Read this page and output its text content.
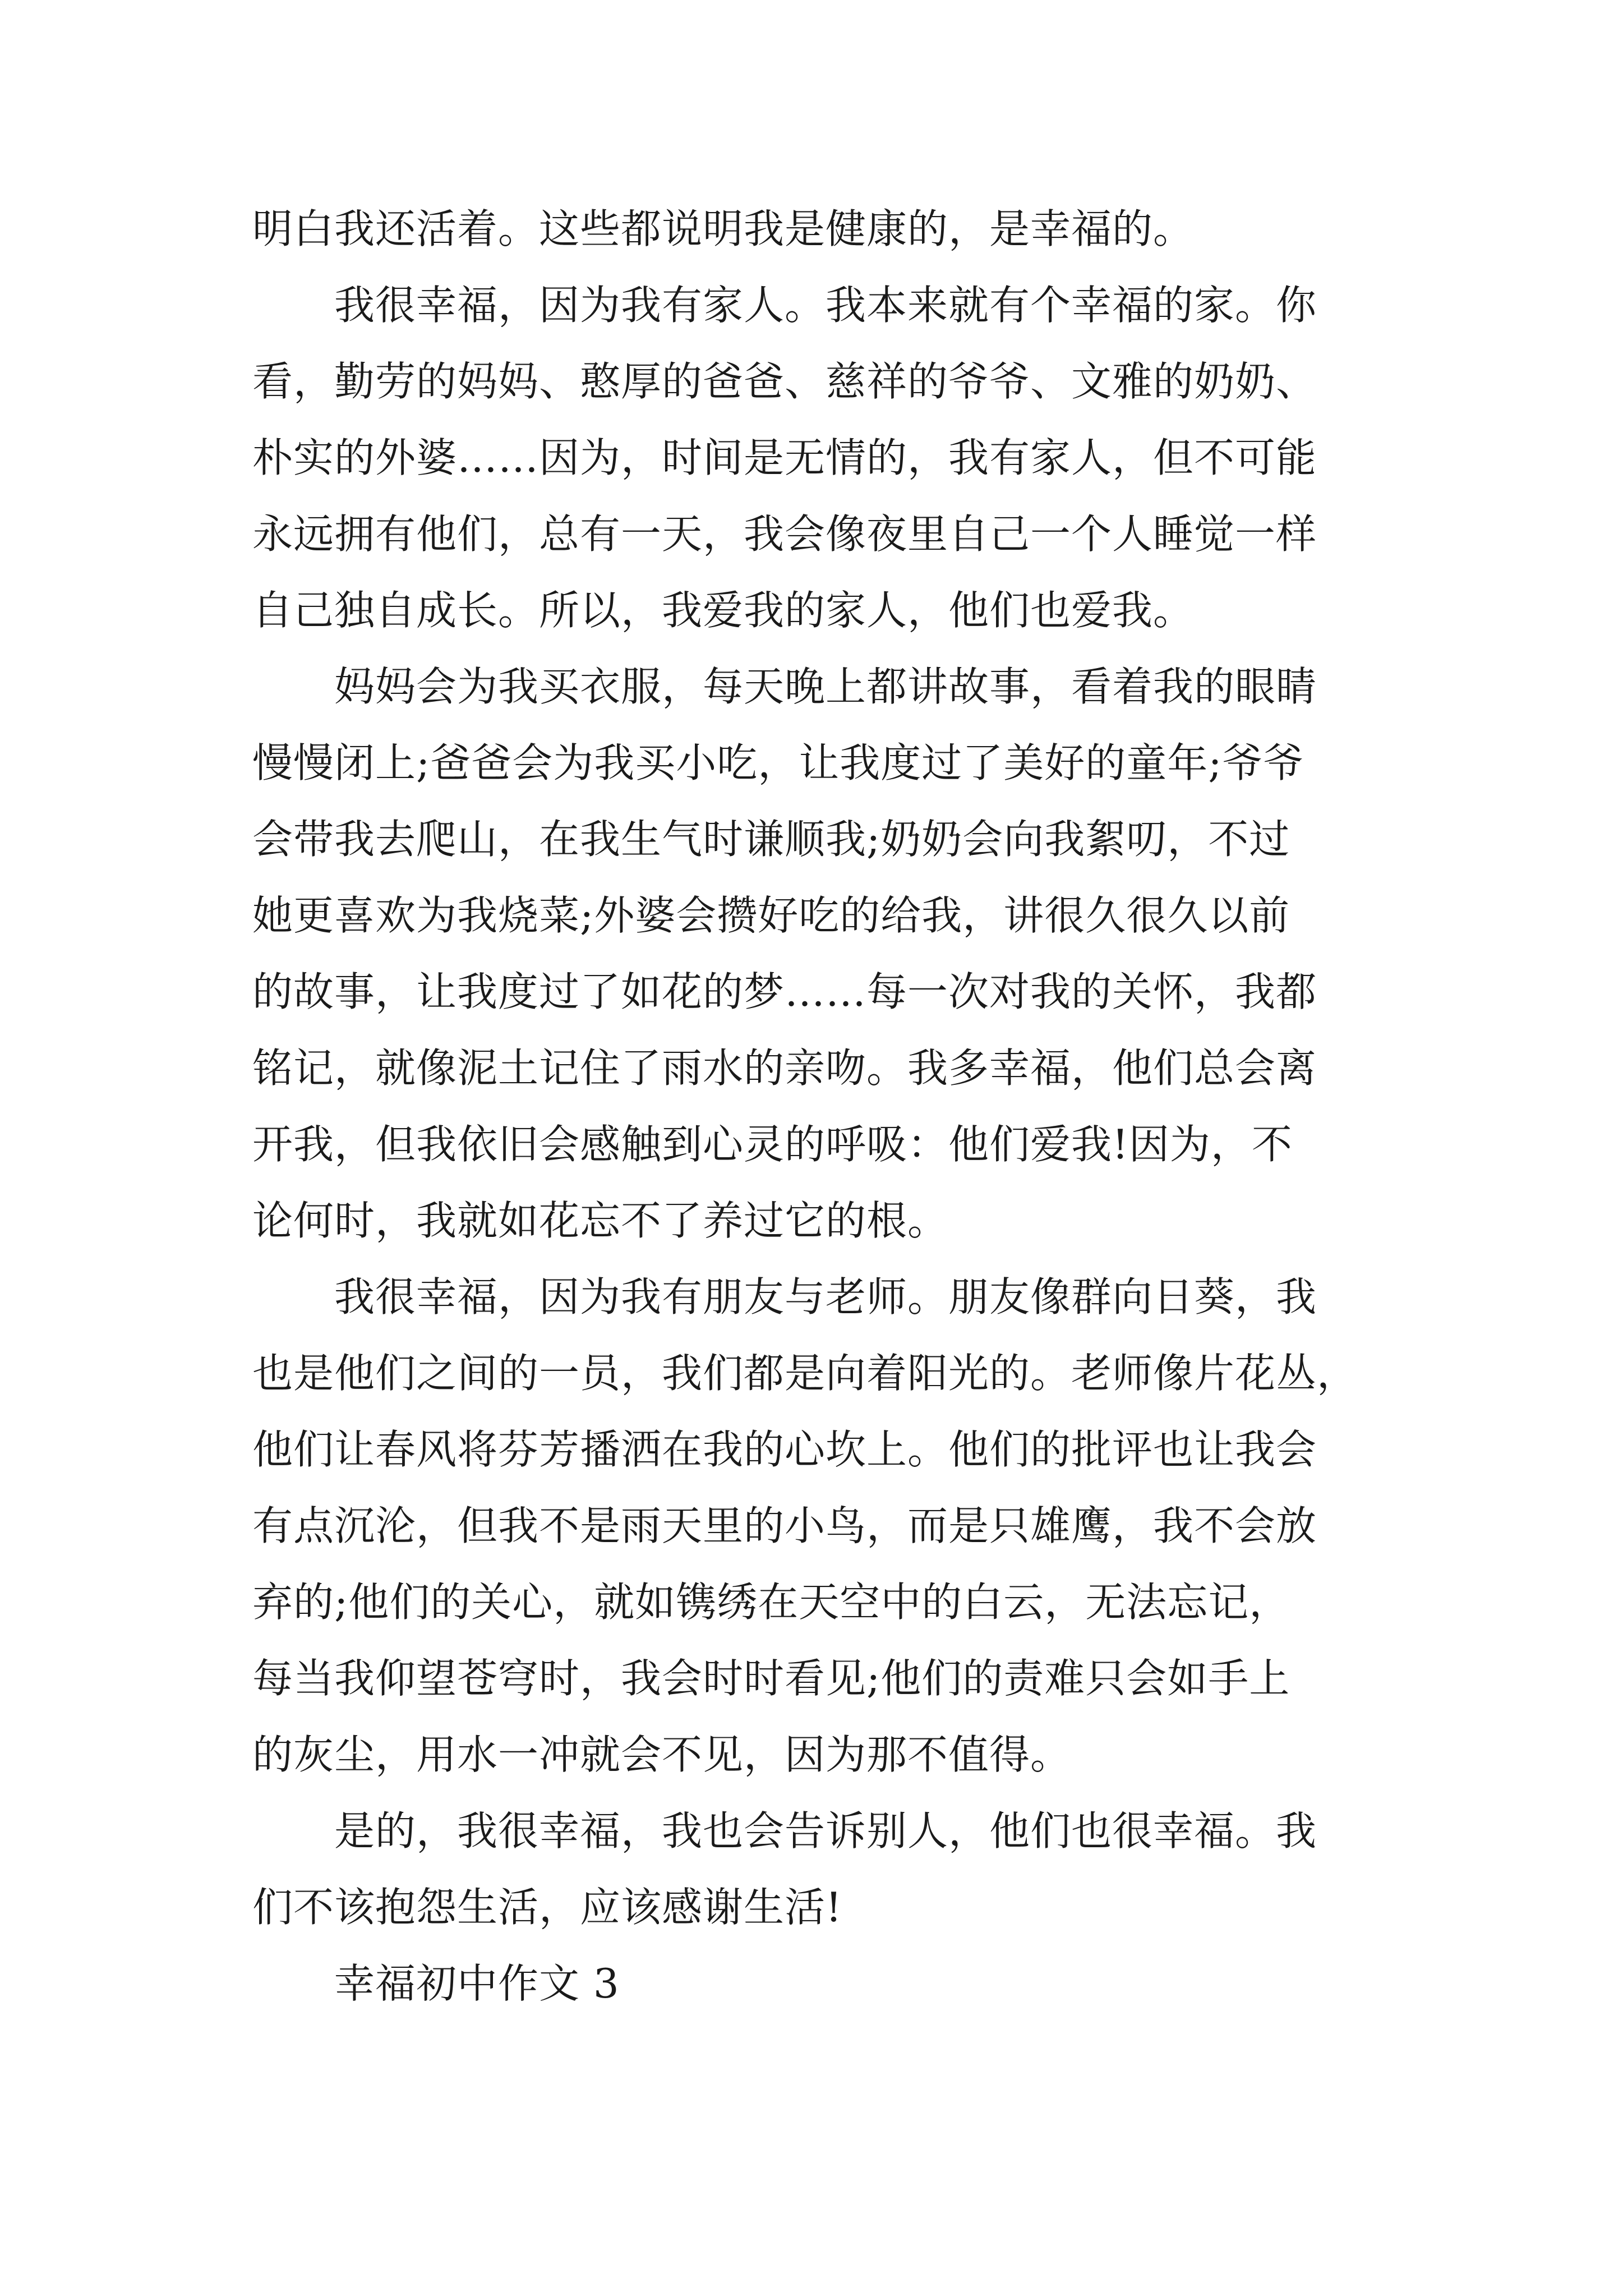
明白我还活着。这些都说明我是健康的，是幸福的。
　　我很幸福，因为我有家人。我本来就有个幸福的家。你
看，勤劳的妈妈、憨厚的爸爸、慈祥的爷爷、文雅的奶奶、
朴实的外婆……因为，时间是无情的，我有家人，但不可能
永远拥有他们，总有一天，我会像夜里自己一个人睡觉一样
自己独自成长。所以，我爱我的家人，他们也爱我。
　　妈妈会为我买衣服，每天晚上都讲故事，看着我的眼睛
慢慢闭上;爸爸会为我买小吃，让我度过了美好的童年;爷爷
会带我去爬山，在我生气时谦顺我;奶奶会向我絮叨，不过
她更喜欢为我烧菜;外婆会攒好吃的给我，讲很久很久以前
的故事，让我度过了如花的梦……每一次对我的关怀，我都
铭记，就像泥土记住了雨水的亲吻。我多幸福，他们总会离
开我，但我依旧会感触到心灵的呼吸：他们爱我!因为，不
论何时，我就如花忘不了养过它的根。
　　我很幸福，因为我有朋友与老师。朋友像群向日葵，我
也是他们之间的一员，我们都是向着阳光的。老师像片花丛，
他们让春风将芬芳播洒在我的心坎上。他们的批评也让我会
有点沉沦，但我不是雨天里的小鸟，而是只雄鹰，我不会放
弃的;他们的关心，就如镌绣在天空中的白云，无法忘记，
每当我仰望苍穹时，我会时时看见;他们的责难只会如手上
的灰尘，用水一冲就会不见，因为那不值得。
　　是的，我很幸福，我也会告诉别人，他们也很幸福。我
们不该抱怨生活，应该感谢生活!
　　幸福初中作文 3
